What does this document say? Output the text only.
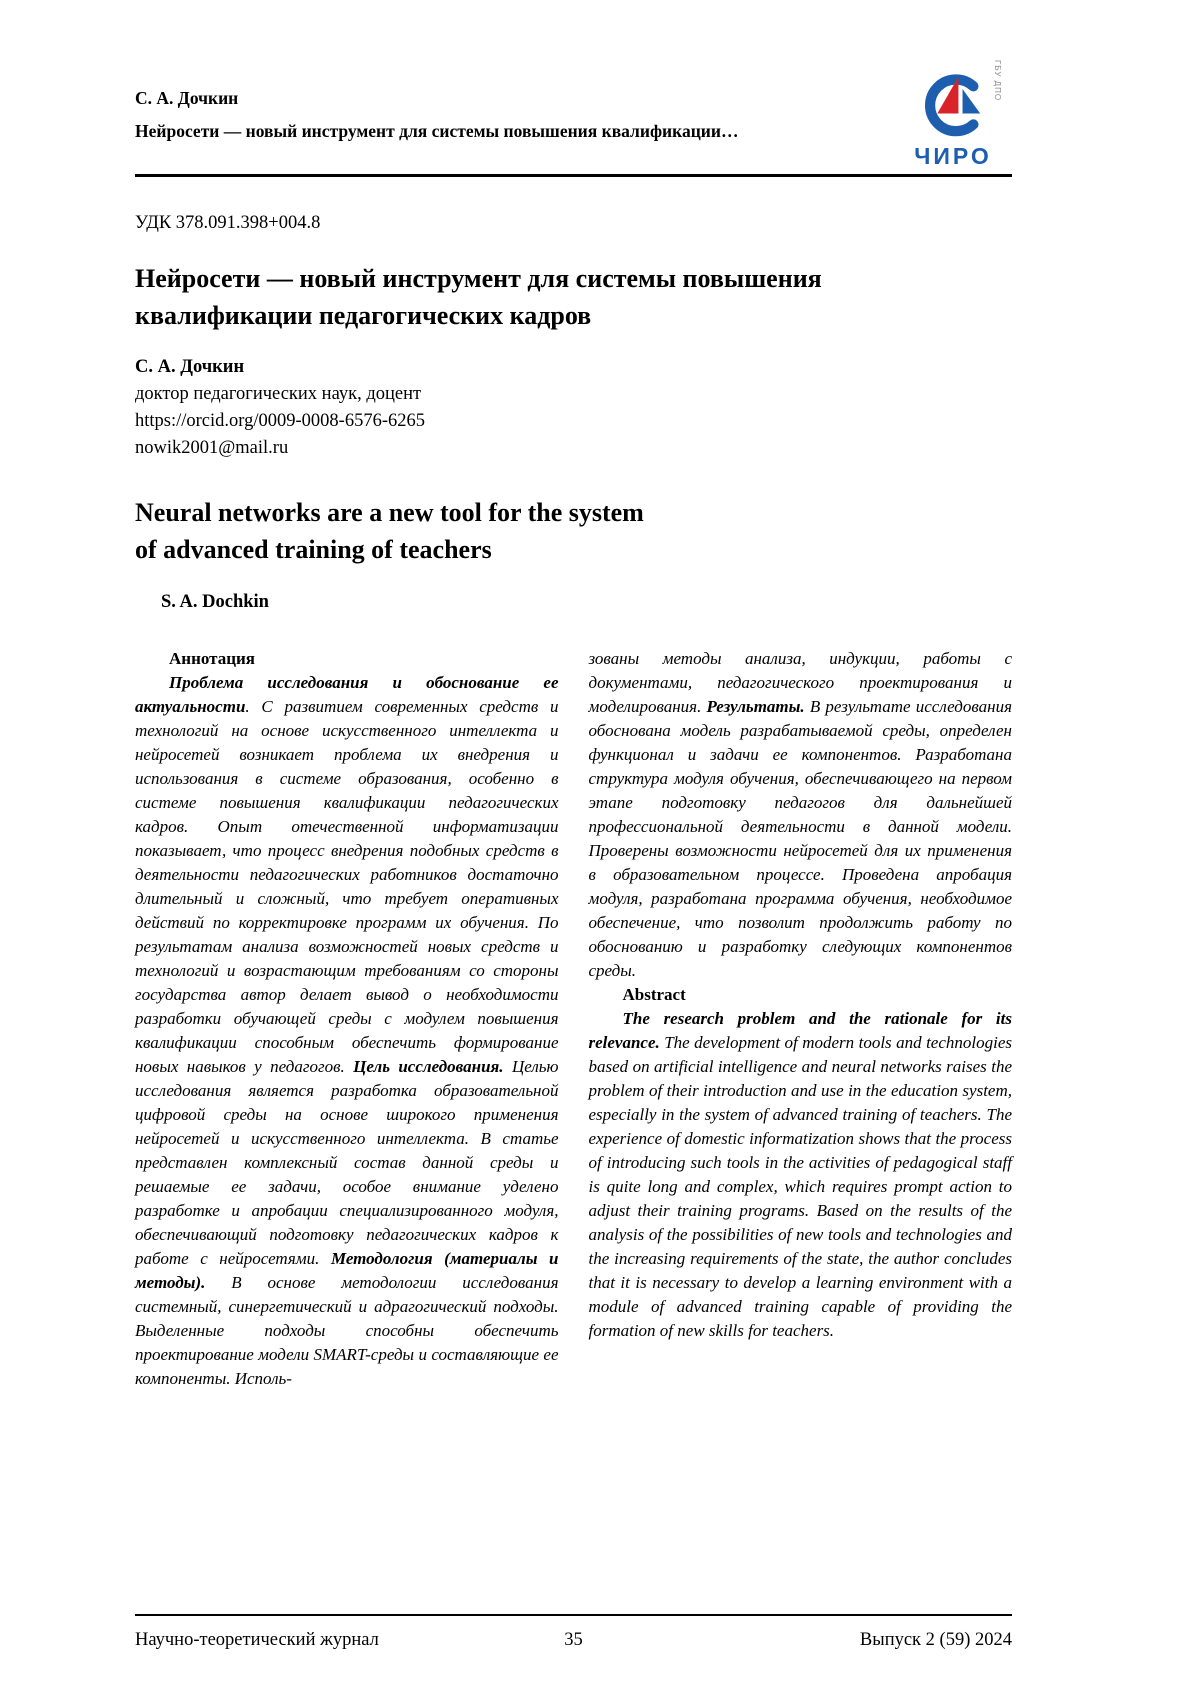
С. А. Дочкин
Нейросети — новый инструмент для системы повышения квалификации…
ГБУ ДПО
ЧИРО
УДК 378.091.398+004.8
Нейросети — новый инструмент для системы повышения
квалификации педагогических кадров
С. А. Дочкин
доктор педагогических наук, доцент
https://orcid.org/0009-0008-6576-6265
nowik2001@mail.ru
Neural networks are a new tool for the system
of advanced training of teachers
S. A. Dochkin
Аннотация

Проблема исследования и обоснование ее актуальности. С развитием современных средств и технологий на основе искусственного интеллекта и нейросетей возникает проблема их внедрения и использования в системе образования, особенно в системе повышения квалификации педагогических кадров. Опыт отечественной информатизации показывает, что процесс внедрения подобных средств в деятельности педагогических работников достаточно длительный и сложный, что требует оперативных действий по корректировке программ их обучения. По результатам анализа возможностей новых средств и технологий и возрастающим требованиям со стороны государства автор делает вывод о необходимости разработки обучающей среды с модулем повышения квалификации способным обеспечить формирование новых навыков у педагогов. Цель исследования. Целью исследования является разработка образовательной цифровой среды на основе широкого применения нейросетей и искусственного интеллекта. В статье представлен комплексный состав данной среды и решаемые ее задачи, особое внимание уделено разработке и апробации специализированного модуля, обеспечивающий подготовку педагогических кадров к работе с нейросетями. Методология (материалы и методы). В основе методологии исследования системный, синергетический и адрагогический подходы. Выделенные подходы способны обеспечить проектирование модели SMART-среды и составляющие ее компоненты. Исполь-

зованы методы анализа, индукции, работы с документами, педагогического проектирования и моделирования. Результаты. В результате исследования обоснована модель разрабатываемой среды, определен функционал и задачи ее компонентов. Разработана структура модуля обучения, обеспечивающего на первом этапе подготовку педагогов для дальнейшей профессиональной деятельности в данной модели. Проверены возможности нейросетей для их применения в образовательном процессе. Проведена апробация модуля, разработана программа обучения, необходимое обеспечение, что позволит продолжить работу по обоснованию и разработку следующих компонентов среды.

Abstract

The research problem and the rationale for its relevance. The development of modern tools and technologies based on artificial intelligence and neural networks raises the problem of their introduction and use in the education system, especially in the system of advanced training of teachers. The experience of domestic informatization shows that the process of introducing such tools in the activities of pedagogical staff is quite long and complex, which requires prompt action to adjust their training programs. Based on the results of the analysis of the possibilities of new tools and technologies and the increasing requirements of the state, the author concludes that it is necessary to develop a learning environment with a module of advanced training capable of providing the formation of new skills for teachers.

Научно-теоретический журнал	35	Выпуск 2 (59) 2024
